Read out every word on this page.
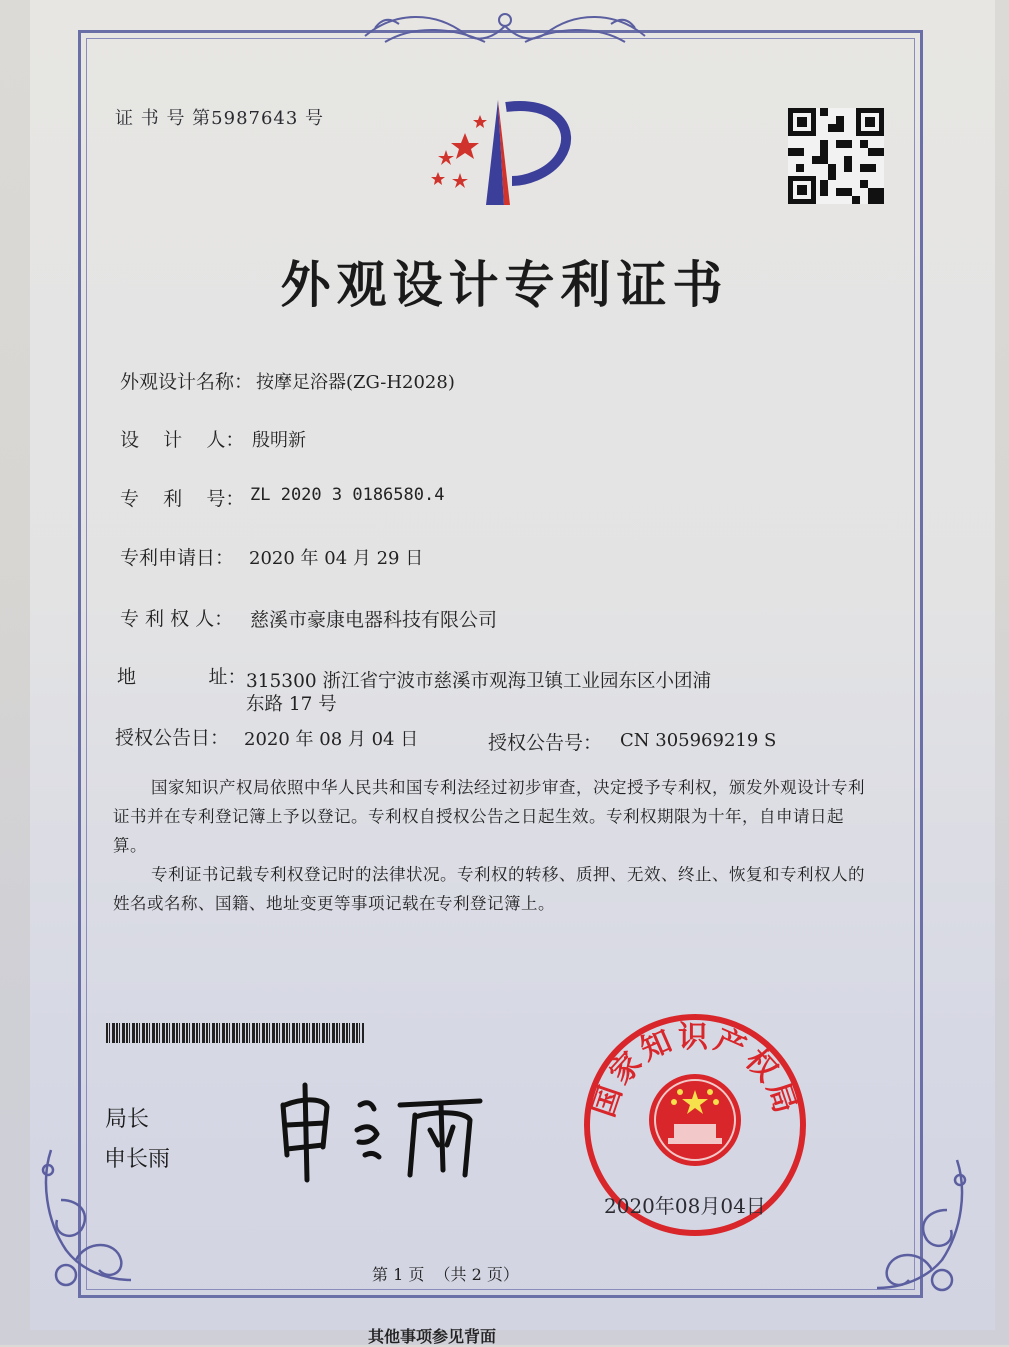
证 书 号 第5987643 号
外观设计专利证书
外观设计名称： 按摩足浴器(ZG-H2028)
设    计    人： 殷明新
专    利    号： ZL 2020 3 0186580.4
专利申请日： 2020 年 04 月 29 日
专 利 权 人： 慈溪市豪康电器科技有限公司
地            址： 315300 浙江省宁波市慈溪市观海卫镇工业园东区小团浦
东路 17 号
授权公告日： 2020 年 08 月 04 日	授权公告号： CN 305969219 S
国家知识产权局依照中华人民共和国专利法经过初步审查，决定授予专利权，颁发外观设计专利证书并在专利登记簿上予以登记。专利权自授权公告之日起生效。专利权期限为十年，自申请日起算。
专利证书记载专利权登记时的法律状况。专利权的转移、质押、无效、终止、恢复和专利权人的姓名或名称、国籍、地址变更等事项记载在专利登记簿上。
局长
申长雨
国家知识产权局
2020年08月04日
第 1 页  （共 2 页）
其他事项参见背面
